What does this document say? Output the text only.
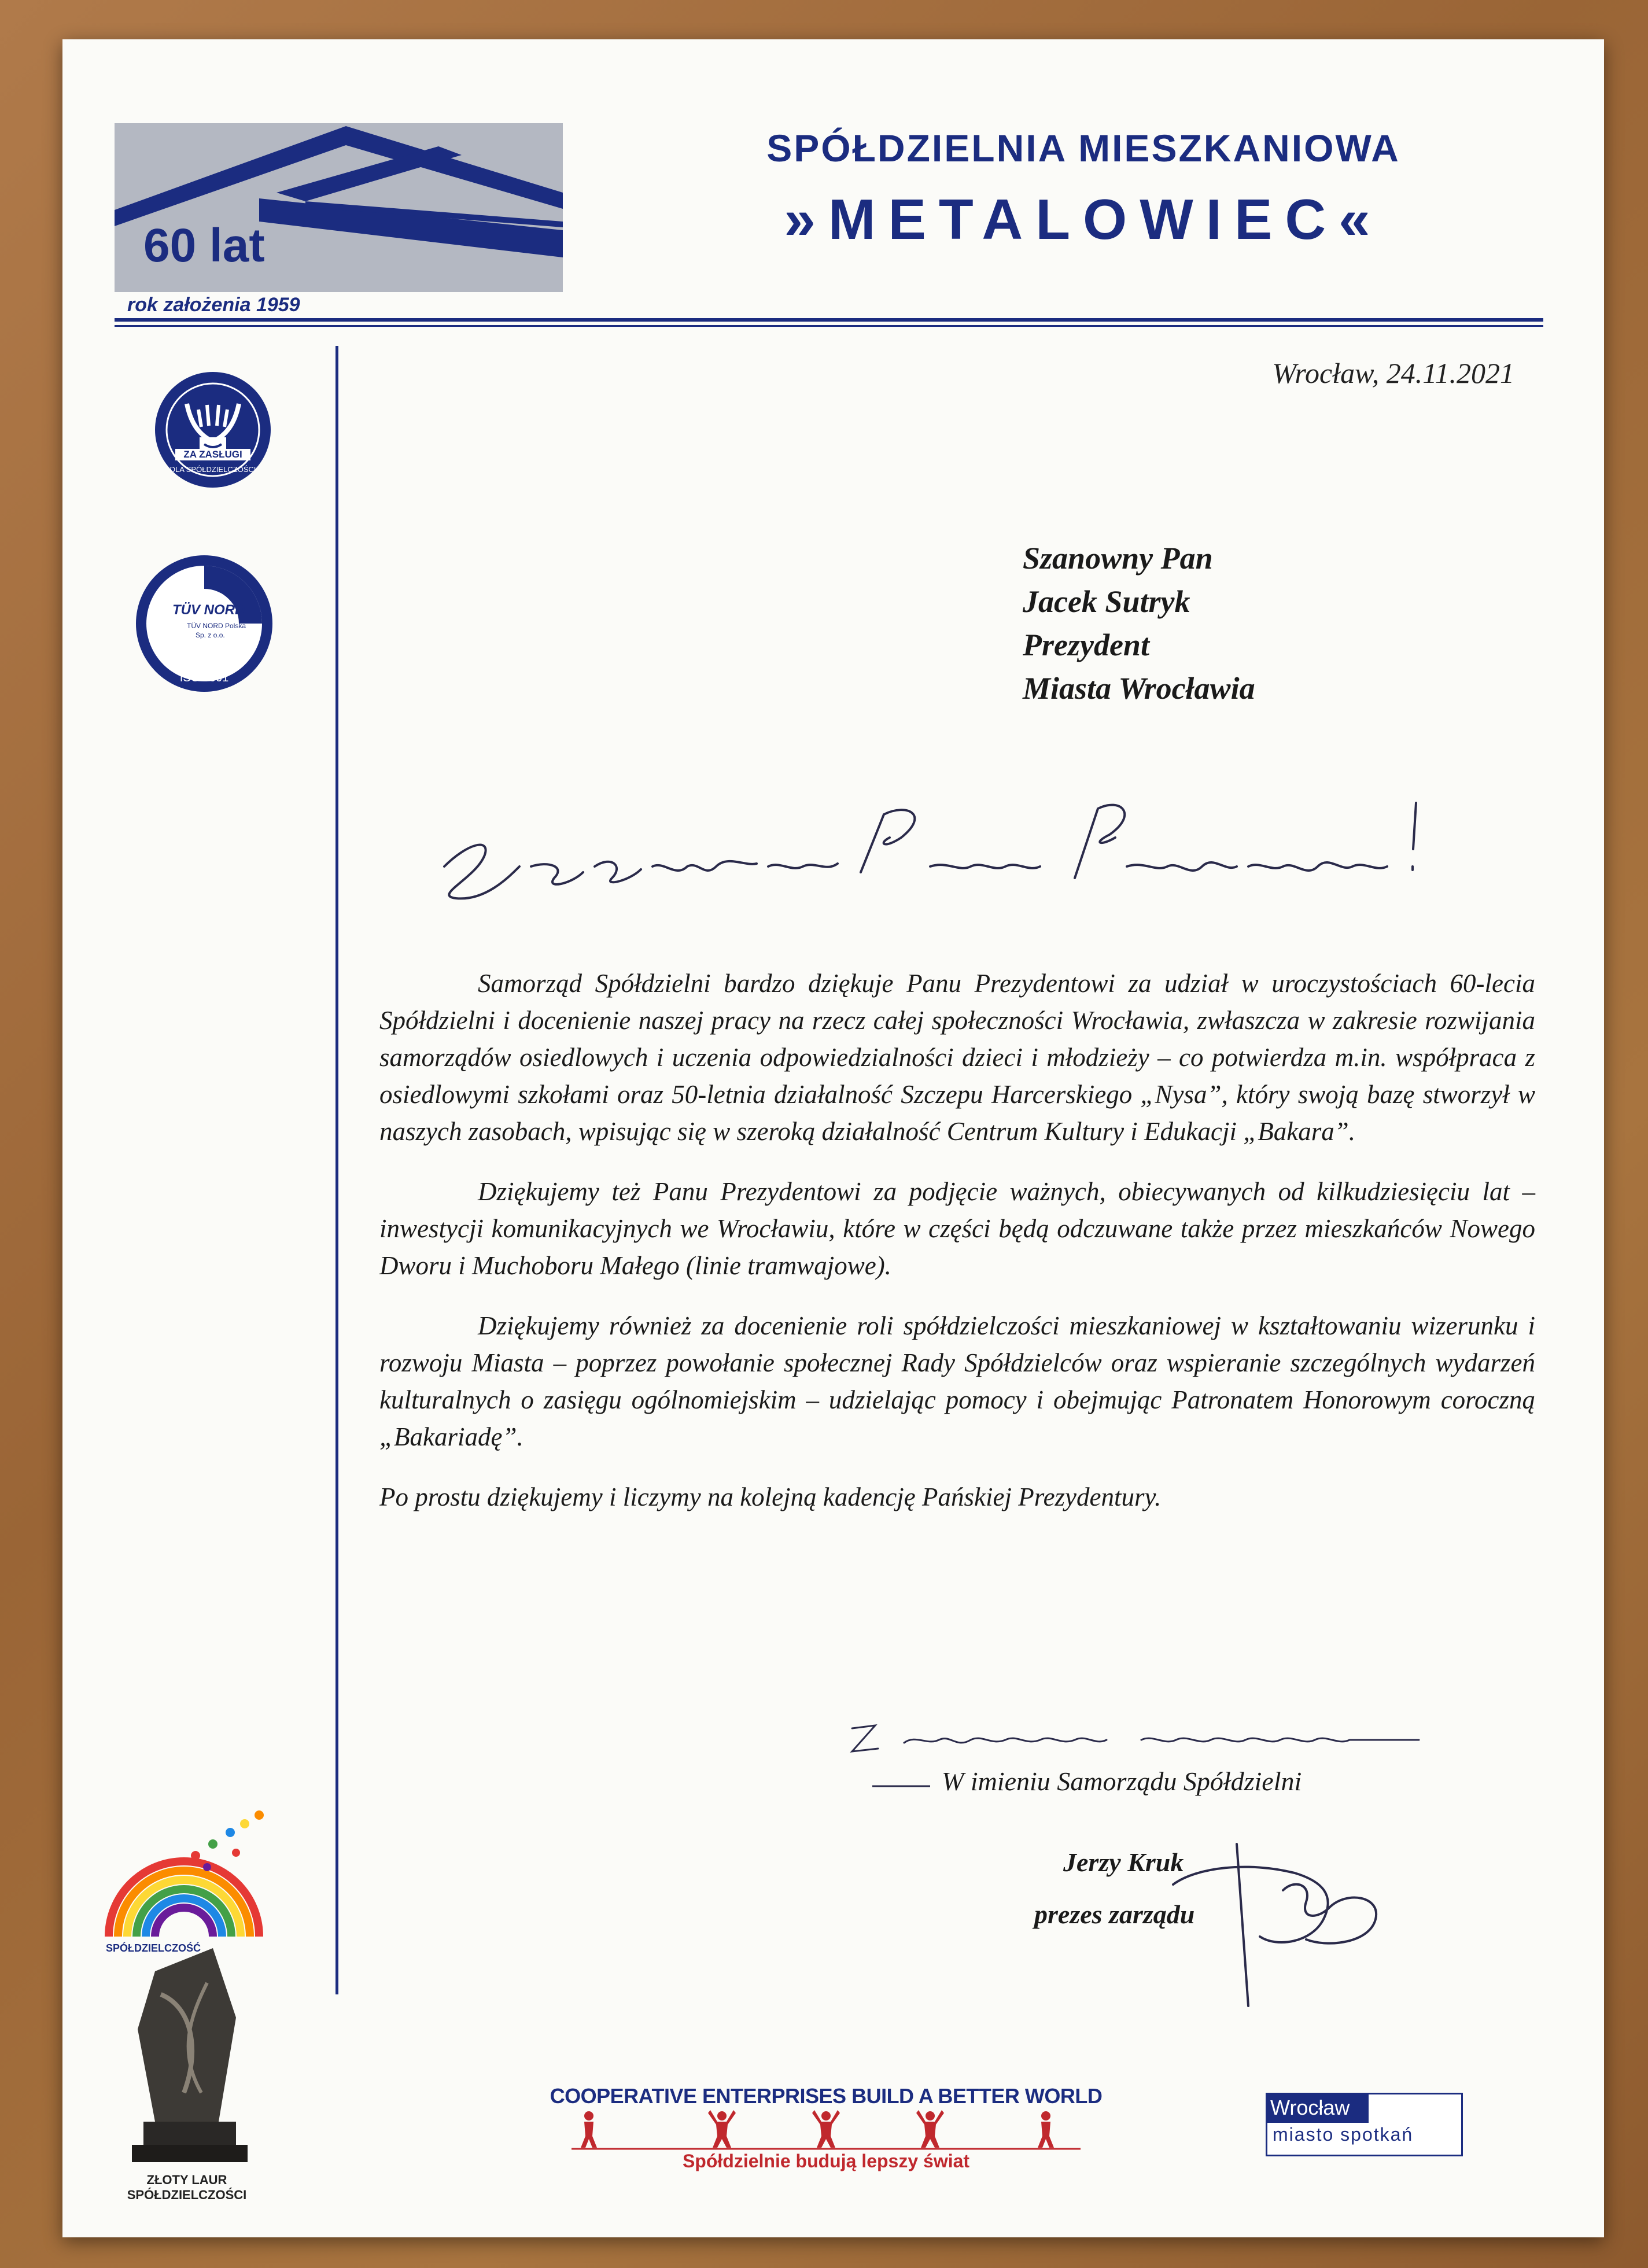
60 lat
rok założenia 1959
SPÓŁDZIELNIA MIESZKANIOWA
»METALOWIEC«
ZA ZASŁUGI
DLA SPÓŁDZIELCZOŚCI
TÜV NORD
TÜV NORD Polska
Sp. z o.o.
ISO 9001
Wrocław, 24.11.2021
Szanowny Pan
Jacek Sutryk
Prezydent
Miasta Wrocławia

Samorząd Spółdzielni bardzo dziękuje Panu Prezydentowi za udział w uroczystościach 60-lecia Spółdzielni i docenienie naszej pracy na rzecz całej społeczności Wrocławia, zwłaszcza w zakresie rozwijania samorządów osiedlowych i uczenia odpowiedzialności dzieci i młodzieży – co potwierdza m.in. współpraca z osiedlowymi szkołami oraz 50-letnia działalność Szczepu Harcerskiego „Nysa”, który swoją bazę stworzył w naszych zasobach, wpisując się w szeroką działalność Centrum Kultury i Edukacji „Bakara”.

Dziękujemy też Panu Prezydentowi za podjęcie ważnych, obiecywanych od kilkudziesięciu lat – inwestycji komunikacyjnych we Wrocławiu, które w części będą odczuwane także przez mieszkańców Nowego Dworu i Muchoboru Małego (linie tramwajowe).

Dziękujemy również za docenienie roli spółdzielczości mieszkaniowej w kształtowaniu wizerunku i rozwoju Miasta – poprzez powołanie społecznej Rady Spółdzielców oraz wspieranie szczególnych wydarzeń kulturalnych o zasięgu ogólnomiejskim – udzielając pomocy i obejmując Patronatem Honorowym coroczną „Bakariadę”.

Po prostu dziękujemy i liczymy na kolejną kadencję Pańskiej Prezydentury.

W imieniu Samorządu Spółdzielni
Jerzy Kruk
prezes zarządu
SPÓŁDZIELCZOŚĆ
ZŁOTY LAUR SPÓŁDZIELCZOŚCI
COOPERATIVE ENTERPRISES BUILD A BETTER WORLD
Spółdzielnie budują lepszy świat
Wrocław
miasto spotkań
